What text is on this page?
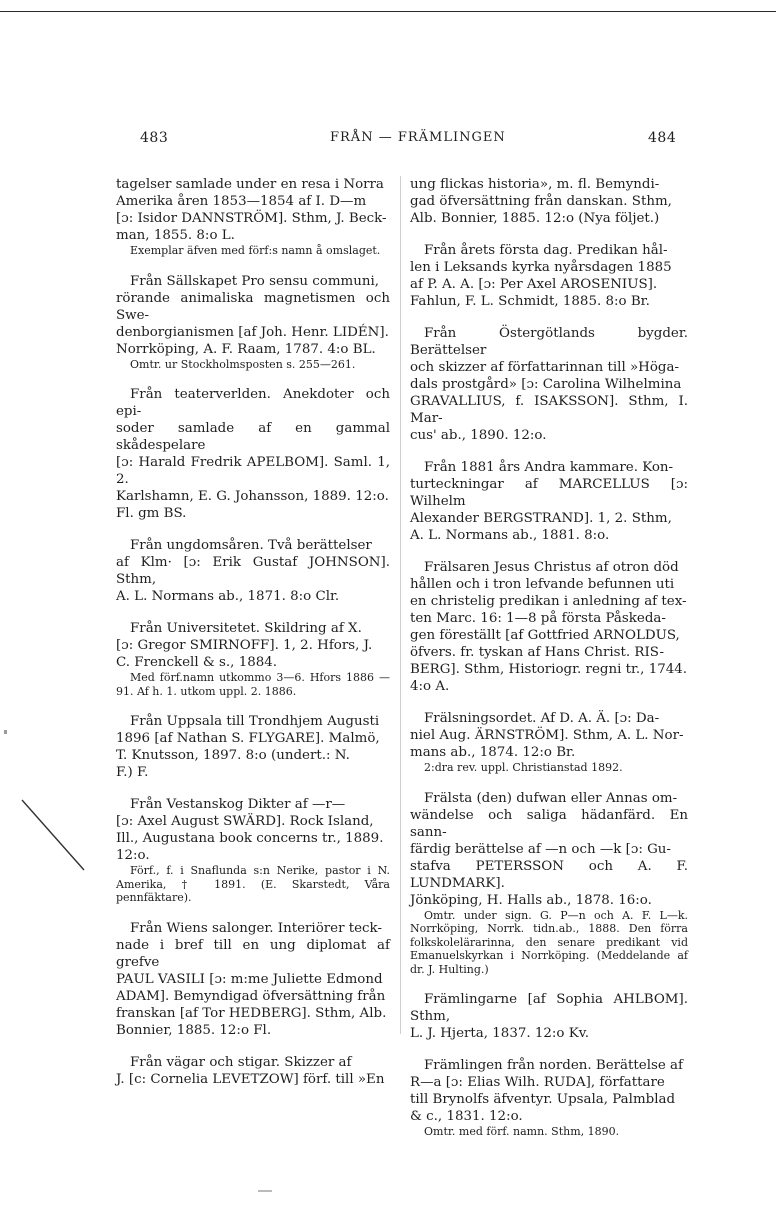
483	FRÅN — FRÄMLINGEN	484

tagelser samlade under en resa i Norra

Amerika åren 1853—1854 af I. D—m

[ɔ: Isidor DANNSTRÖM]. Sthm, J. Beck-

man, 1855. 8:o L.

Exemplar äfven med förf:s namn å omslaget.

Från Sällskapet Pro sensu communi,

rörande animaliska magnetismen och Swe-

denborgianismen [af Joh. Henr. LIDÉN].

Norrköping, A. F. Raam, 1787. 4:o BL.

Omtr. ur Stockholmsposten s. 255—261.

Från teaterverlden. Anekdoter och epi-

soder samlade af en gammal skådespelare

[ɔ: Harald Fredrik APELBOM]. Saml. 1, 2.

Karlshamn, E. G. Johansson, 1889. 12:o.

Fl. gm BS.

Från ungdomsåren. Två berättelser

af Klm· [ɔ: Erik Gustaf JOHNSON]. Sthm,

A. L. Normans ab., 1871. 8:o Clr.

Från Universitetet. Skildring af X.

[ɔ: Gregor SMIRNOFF]. 1, 2. Hfors, J.

C. Frenckell & s., 1884.

Med förf.namn utkommo 3—6. Hfors 1886 —91. Af h. 1. utkom uppl. 2. 1886.

Från Uppsala till Trondhjem Augusti

1896 [af Nathan S. FLYGARE]. Malmö,

T. Knutsson, 1897. 8:o (undert.: N.

F.) F.

Från Vestanskog Dikter af —r—

[ɔ: Axel August SWÄRD]. Rock Island,

Ill., Augustana book concerns tr., 1889.

12:o.

Förf., f. i Snaflunda s:n Nerike, pastor i N. Amerika, † 1891. (E. Skarstedt, Våra pennfäktare).

Från Wiens salonger. Interiörer teck-

nade i bref till en ung diplomat af grefve

PAUL VASILI [ɔ: m:me Juliette Edmond

ADAM]. Bemyndigad öfversättning från

franskan [af Tor HEDBERG]. Sthm, Alb.

Bonnier, 1885. 12:o Fl.

Från vägar och stigar. Skizzer af

J. [c: Cornelia LEVETZOW] förf. till »En

ung flickas historia», m. fl. Bemyndi-

gad öfversättning från danskan. Sthm,

Alb. Bonnier, 1885. 12:o (Nya följet.)

Från årets första dag. Predikan hål-

len i Leksands kyrka nyårsdagen 1885

af P. A. A. [ɔ: Per Axel AROSENIUS].

Fahlun, F. L. Schmidt, 1885. 8:o Br.

Från Östergötlands bygder. Berättelser

och skizzer af författarinnan till »Höga-

dals prostgård» [ɔ: Carolina Wilhelmina

GRAVALLIUS, f. ISAKSSON]. Sthm, I. Mar-

cus' ab., 1890. 12:o.

Från 1881 års Andra kammare. Kon-

turteckningar af MARCELLUS [ɔ: Wilhelm

Alexander BERGSTRAND]. 1, 2. Sthm,

A. L. Normans ab., 1881. 8:o.

Frälsaren Jesus Christus af otron död

hållen och i tron lefvande befunnen uti

en christelig predikan i anledning af tex-

ten Marc. 16: 1—8 på första Påskeda-

gen föreställt [af Gottfried ARNOLDUS,

öfvers. fr. tyskan af Hans Christ. RIS-

BERG]. Sthm, Historiogr. regni tr., 1744.

4:o A.

Frälsningsordet. Af D. A. Ä. [ɔ: Da-

niel Aug. ÄRNSTRÖM]. Sthm, A. L. Nor-

mans ab., 1874. 12:o Br.

2:dra rev. uppl. Christianstad 1892.

Frälsta (den) dufwan eller Annas om-

wändelse och saliga hädanfärd. En sann-

färdig berättelse af —n och —k [ɔ: Gu-

stafva PETERSSON och A. F. LUNDMARK].

Jönköping, H. Halls ab., 1878. 16:o.

Omtr. under sign. G. P—n och A. F. L—k. Norrköping, Norrk. tidn.ab., 1888. Den förra folkskolelärarinna, den senare predikant vid Emanuelskyrkan i Norrköping. (Meddelande af dr. J. Hulting.)

Främlingarne [af Sophia AHLBOM]. Sthm,

L. J. Hjerta, 1837. 12:o Kv.

Främlingen från norden. Berättelse af

R—a [ɔ: Elias Wilh. RUDA], författare

till Brynolfs äfventyr. Upsala, Palmblad

& c., 1831. 12:o.

Omtr. med förf. namn. Sthm, 1890.
